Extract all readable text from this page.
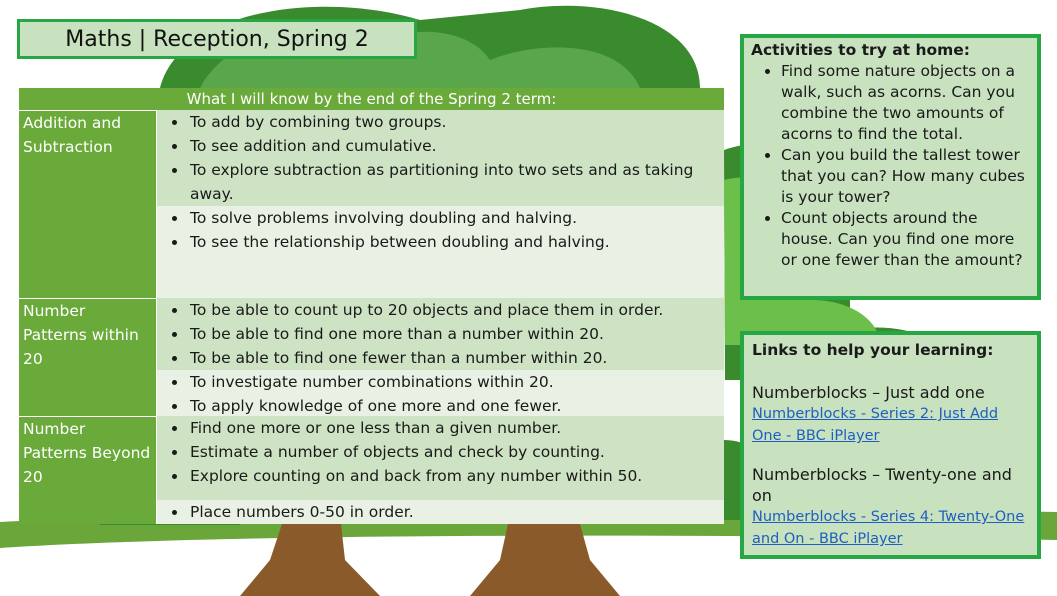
Maths | Reception, Spring 2
What I will know by the end of the Spring 2 term:
Addition and Subtraction
• To add by combining two groups.
• To see addition and cumulative.
• To explore subtraction as partitioning into two sets and as taking away.
• To solve problems involving doubling and halving.
• To see the relationship between doubling and halving.
Number Patterns within 20
• To be able to count up to 20 objects and place them in order.
• To be able to find one more than a number within 20.
• To be able to find one fewer than a number within 20.
• To investigate number combinations within 20.
• To apply knowledge of one more and one fewer.
Number Patterns Beyond 20
• Find one more or one less than a given number.
• Estimate a number of objects and check by counting.
• Explore counting on and back from any number within 50.
• Place numbers 0-50 in order.
Activities to try at home:
• Find some nature objects on a walk, such as acorns. Can you combine the two amounts of acorns to find the total.
• Can you build the tallest tower that you can? How many cubes is your tower?
• Count objects around the house. Can you find one more or one fewer than the amount?
Links to help your learning:
Numberblocks – Just add one
Numberblocks - Series 2: Just Add One - BBC iPlayer
Numberblocks – Twenty-one and on
Numberblocks - Series 4: Twenty-One and On - BBC iPlayer
